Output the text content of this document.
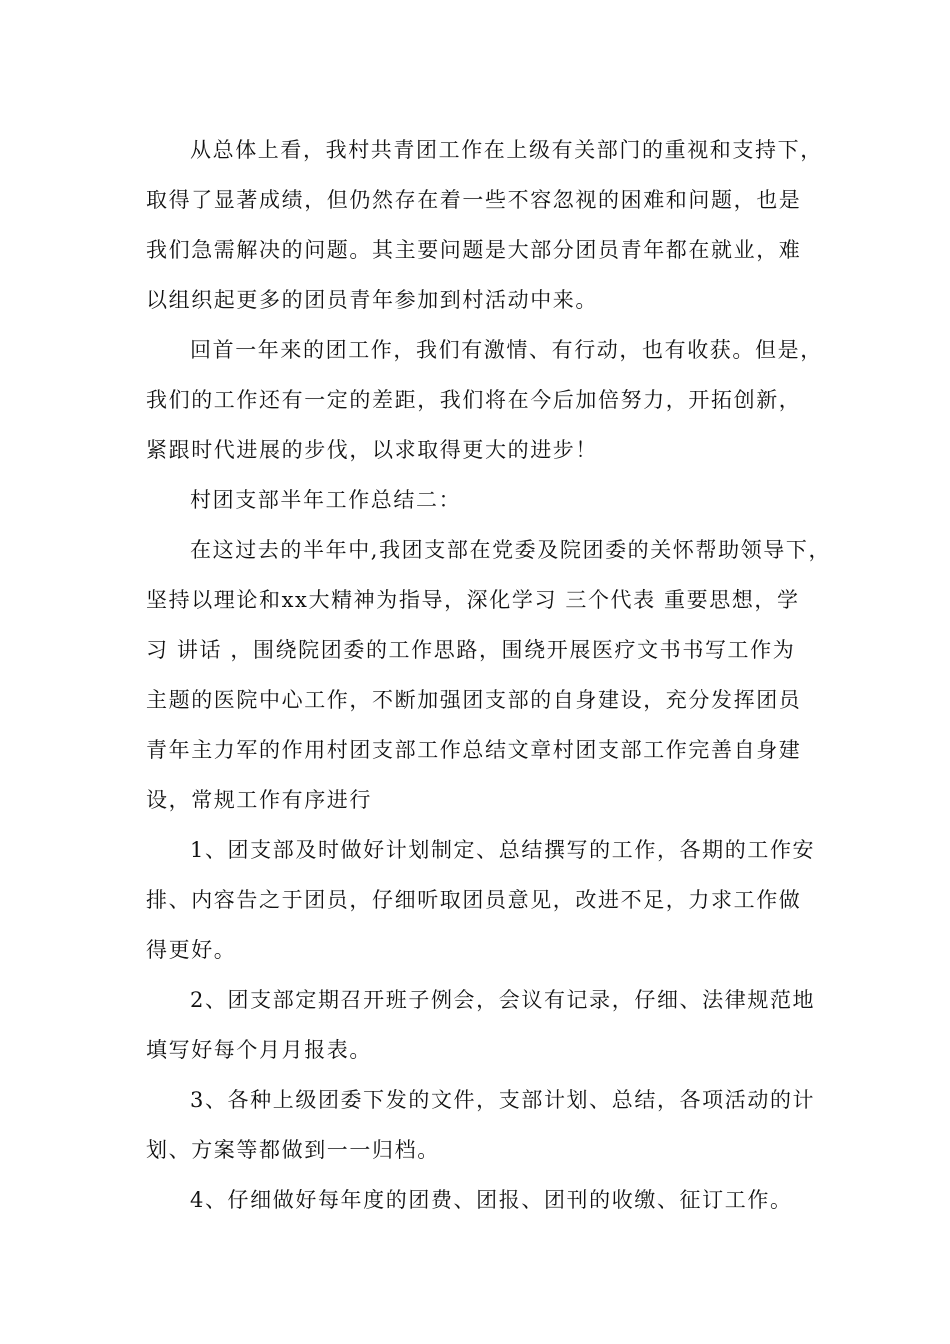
从总体上看，我村共青团工作在上级有关部门的重视和支持下，
取得了显著成绩，但仍然存在着一些不容忽视的困难和问题，也是
我们急需解决的问题。其主要问题是大部分团员青年都在就业，难
以组织起更多的团员青年参加到村活动中来。
回首一年来的团工作，我们有激情、有行动，也有收获。但是，
我们的工作还有一定的差距，我们将在今后加倍努力，开拓创新，
紧跟时代进展的步伐，以求取得更大的进步！
村团支部半年工作总结二：
在这过去的半年中,我团支部在党委及院团委的关怀帮助领导下，
坚持以理论和xx大精神为指导，深化学习 三个代表 重要思想，学
习 讲话 ，围绕院团委的工作思路，围绕开展医疗文书书写工作为
主题的医院中心工作，不断加强团支部的自身建设，充分发挥团员
青年主力军的作用村团支部工作总结文章村团支部工作完善自身建
设，常规工作有序进行
1、团支部及时做好计划制定、总结撰写的工作，各期的工作安
排、内容告之于团员，仔细听取团员意见，改进不足，力求工作做
得更好。
2、团支部定期召开班子例会，会议有记录，仔细、法律规范地
填写好每个月月报表。
3、各种上级团委下发的文件，支部计划、总结，各项活动的计
划、方案等都做到一一归档。
4、仔细做好每年度的团费、团报、团刊的收缴、征订工作。
